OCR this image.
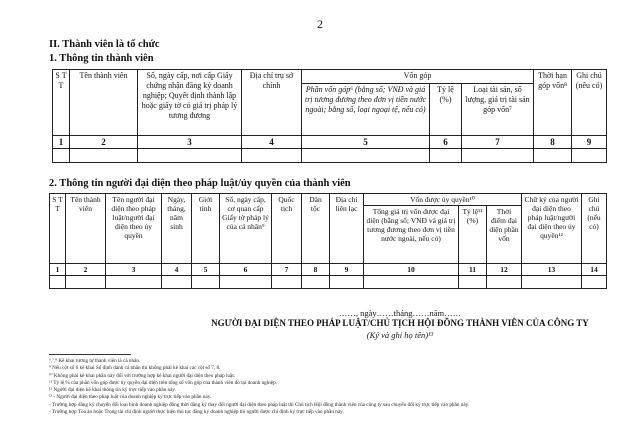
2
II. Thành viên là tổ chức
1. Thông tin thành viên
S T T	Tên thành viên	Số, ngày cấp, nơi cấp Giấy chứng nhận đăng ký doanh nghiệp; Quyết định thành lập hoặc giấy tờ có giá trị pháp lý tương đương	Địa chỉ trụ sở chính	Vốn góp			Thời hạn góp vốn⁸	Ghi chú (nếu có)
				Phần vốn góp⁶ (bằng số; VNĐ và giá trị tương đương theo đơn vị tiền nước ngoài; bằng số, loại ngoại tệ, nếu có)	Tỷ lệ (%)	Loại tài sản, số lượng, giá trị tài sản góp vốn⁷		
1	2	3	4	5	6	7	8	9

2. Thông tin người đại diện theo pháp luật/ủy quyền của thành viên
S T T	Tên thành viên	Tên người đại diện theo pháp luật/người đại diện theo ủy quyền	Ngày, tháng, năm sinh	Giới tính	Số, ngày cấp, cơ quan cấp Giấy tờ pháp lý của cá nhân⁹	Quốc tịch	Dân tộc	Địa chỉ liên lạc	Vốn được ủy quyền¹⁰			Chữ ký của người đại diện theo pháp luật/người đại diện theo ủy quyền¹²	Ghi chú (nếu có)
									Tổng giá trị vốn được đại diện (bằng số; VNĐ và giá trị tương đương theo đơn vị tiền nước ngoài, nếu có)	Tỷ lệ¹¹ (%)	Thời điểm đại diện phần vốn		
1	2	3	4	5	6	7	8	9	10	11	12	13	14

……, ngày……tháng……năm……
NGƯỜI ĐẠI DIỆN THEO PHÁP LUẬT/CHỦ TỊCH HỘI ĐỒNG THÀNH VIÊN CỦA CÔNG TY
(Ký và ghi họ tên)¹³
⁶,⁷,⁸ Kê khai tương tự thành viên là cá nhân.
⁹ Nếu cột số 6 kê khai Số định danh cá nhân thì không phải kê khai các cột số 7, 8.
¹⁰ Không phải kê khai phần này đối với trường hợp kê khai người đại diện theo pháp luật.
¹¹ Tỷ lệ % của phần vốn góp được ủy quyền đại diện trên tổng số vốn góp của thành viên đó tại doanh nghiệp.
¹² Người đại diện kê khai thông tin ký trực tiếp vào phần này.
¹³ - Người đại diện theo pháp luật của doanh nghiệp ký trực tiếp vào phần này.
- Trường hợp đăng ký chuyển đổi loại hình doanh nghiệp đồng thời đăng ký thay đổi người đại diện theo pháp luật thì Chủ tịch Hội đồng thành viên của công ty sau chuyển đổi ký trực tiếp vào phần này.
- Trường hợp Tòa án hoặc Trọng tài chỉ định người thực hiện thủ tục đăng ký doanh nghiệp thì người được chỉ định ký trực tiếp vào phần này.
